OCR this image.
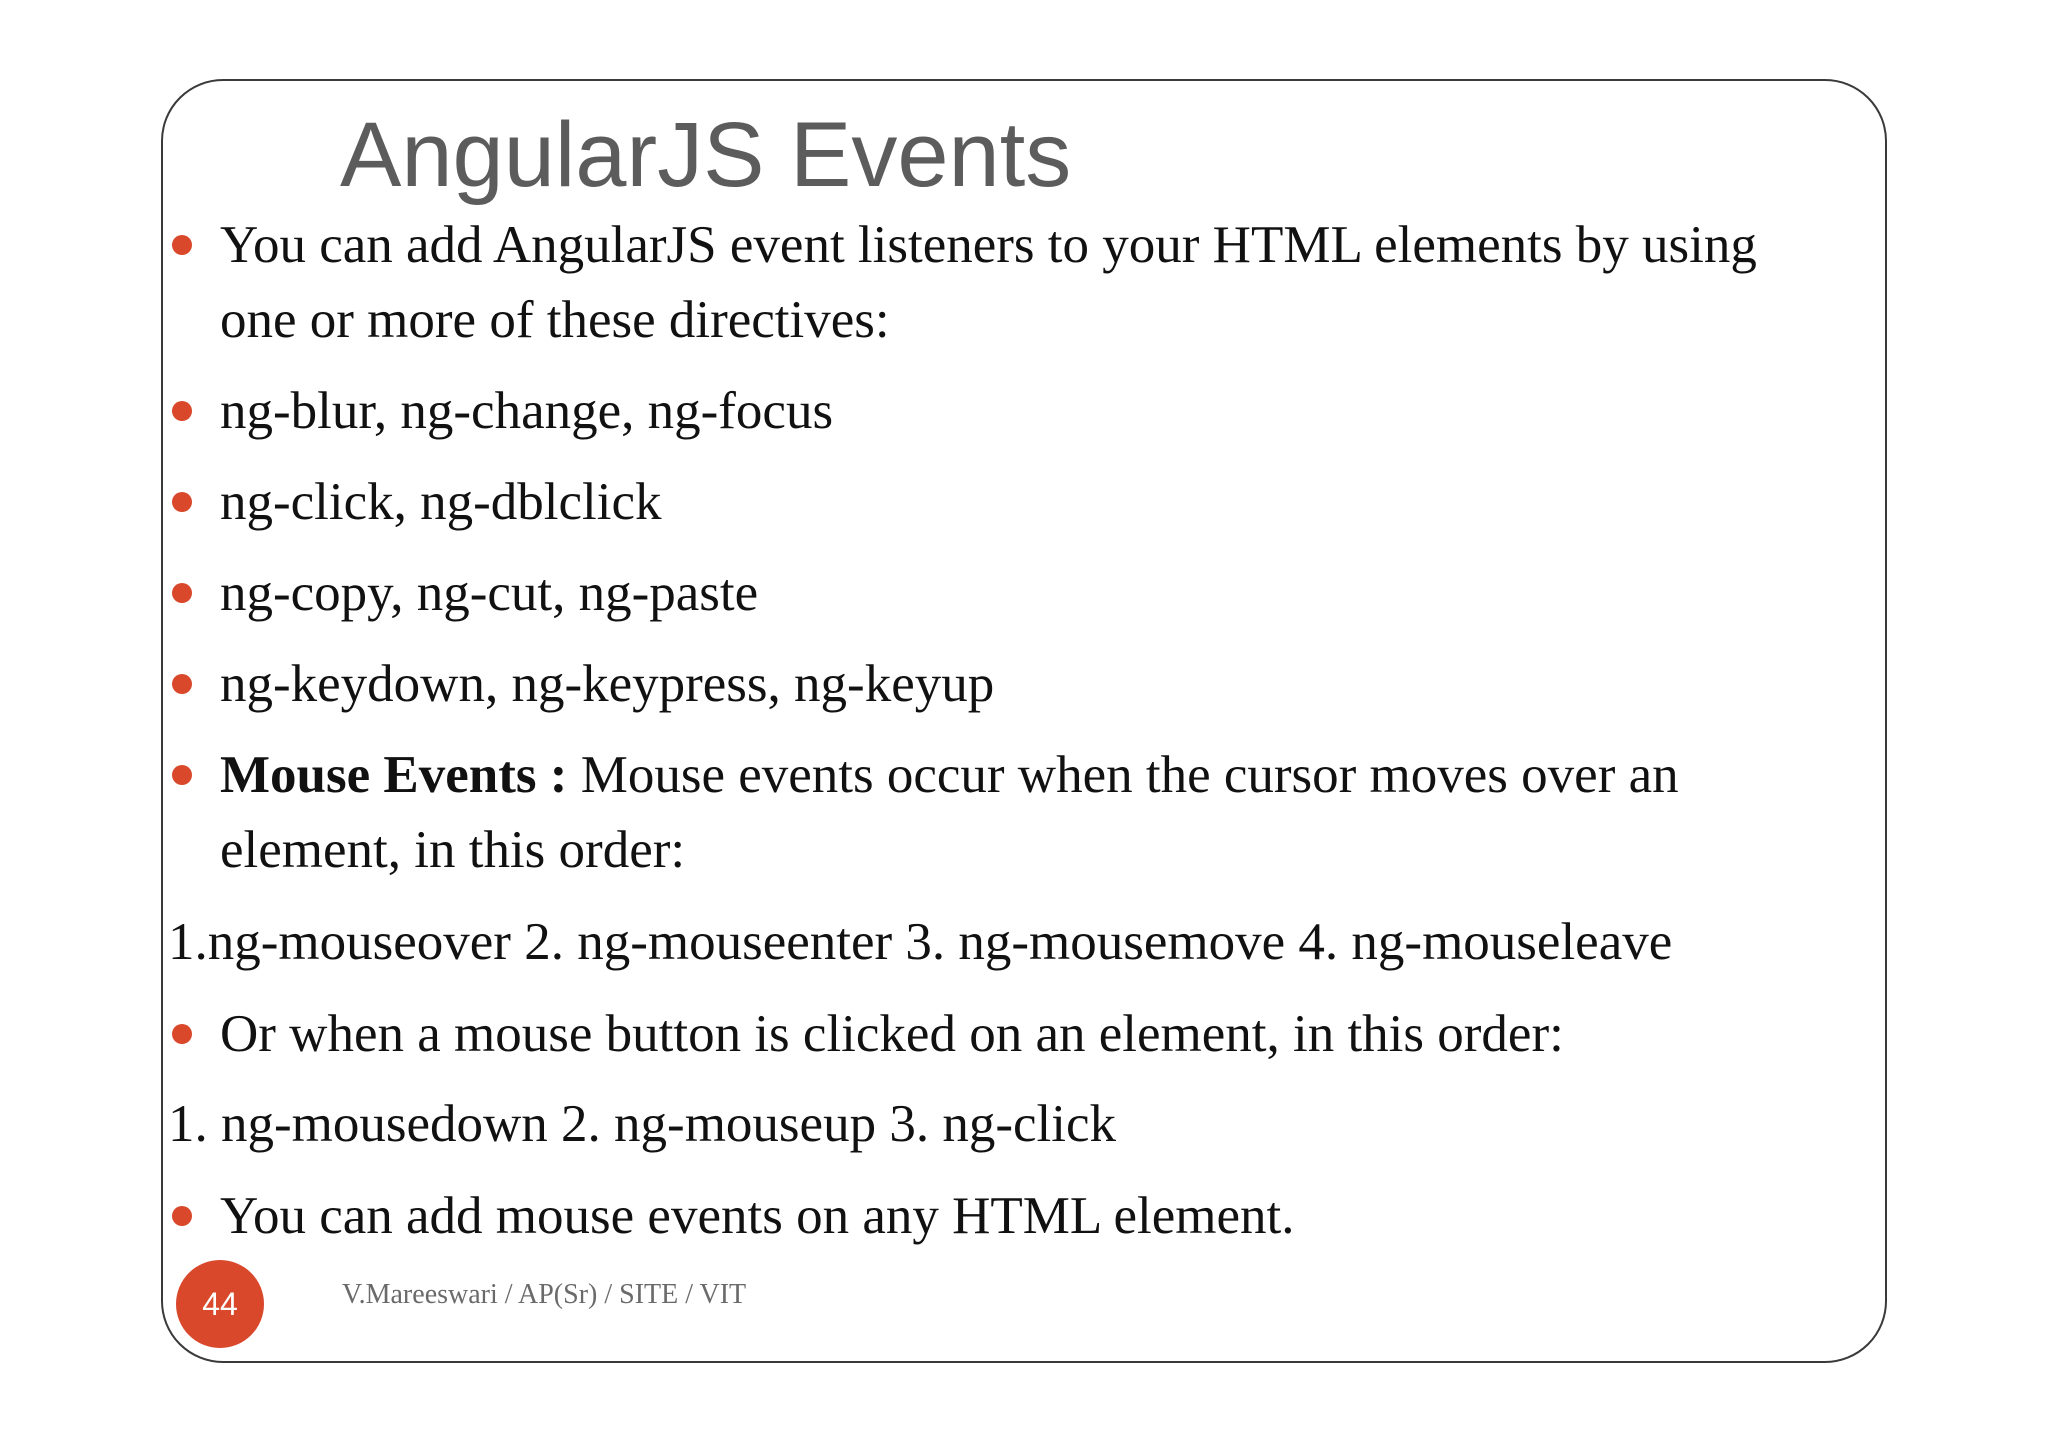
AngularJS Events
You can add AngularJS event listeners to your HTML elements by using
one or more of these directives:
ng-blur, ng-change, ng-focus
ng-click, ng-dblclick
ng-copy, ng-cut, ng-paste
ng-keydown, ng-keypress, ng-keyup
Mouse Events : Mouse events occur when the cursor moves over an
element, in this order:
1.ng-mouseover 2. ng-mouseenter 3. ng-mousemove 4. ng-mouseleave
Or when a mouse button is clicked on an element, in this order:
1. ng-mousedown 2. ng-mouseup 3. ng-click
You can add mouse events on any HTML element.
44	V.Mareeswari / AP(Sr) / SITE / VIT
